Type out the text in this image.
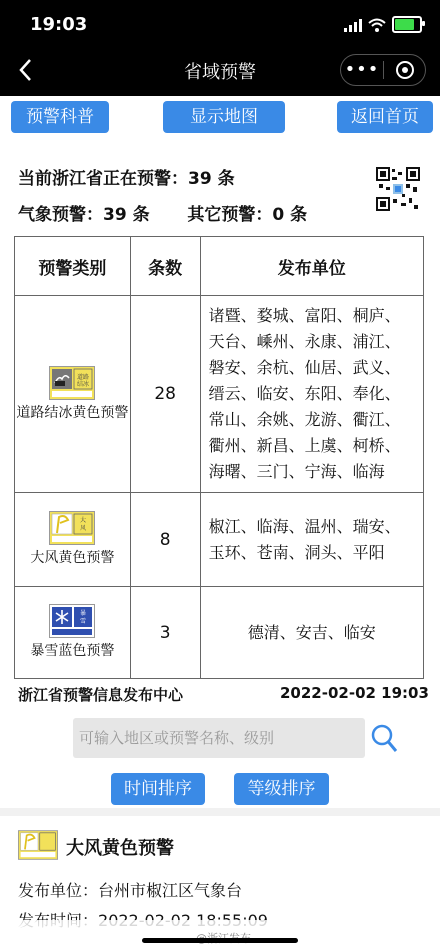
19:03
省域预警	•••
预警科普	显示地图	返回首页
当前浙江省正在预警：39 条
气象预警：39 条 其它预警：0 条
预警类别	条数	发布单位

道路
结冰
道路结冰黄色预警	28	诸暨、婺城、富阳、桐庐、天台、嵊州、永康、浦江、磐安、余杭、仙居、武义、缙云、临安、东阳、奉化、常山、余姚、龙游、衢江、衢州、新昌、上虞、柯桥、海曙、三门、宁海、临海

大
风
大风黄色预警	8	椒江、临海、温州、瑞安、玉环、苍南、洞头、平阳

暴
雪
暴雪蓝色预警	3	德清、安吉、临安
浙江省预警信息发布中心	2022-02-02 19:03
可输入地区或预警名称、级别
时间排序	等级排序
大风黄色预警
发布单位：台州市椒江区气象台
